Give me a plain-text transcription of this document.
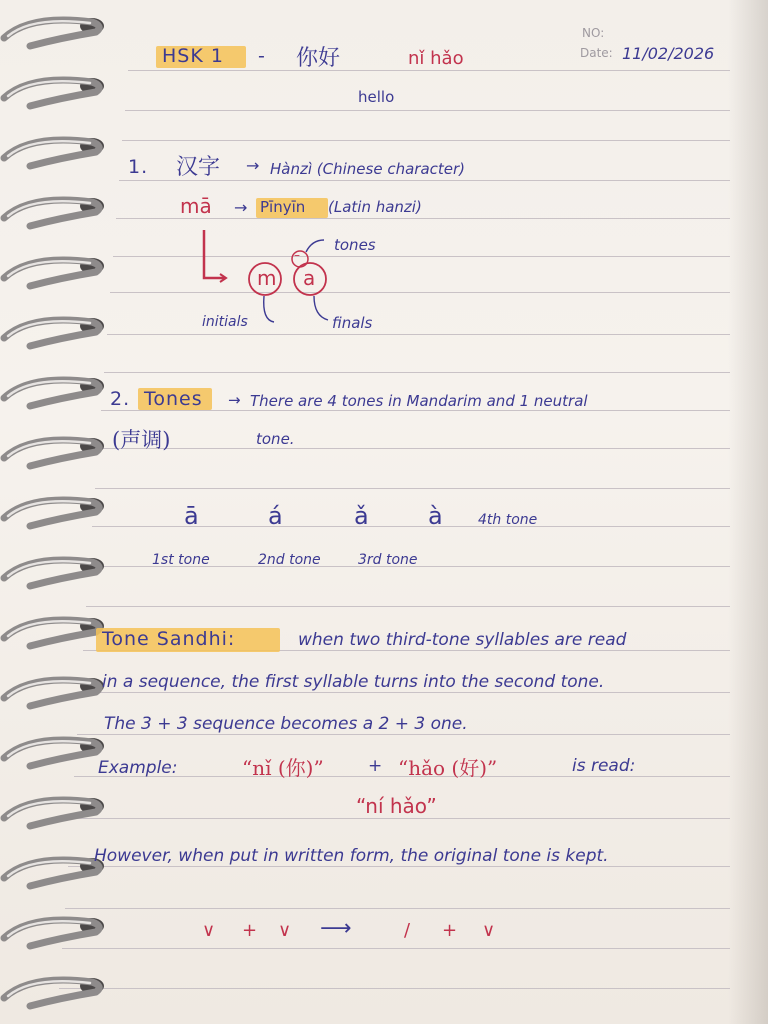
NO:
Date: 11/02/2026
HSK 1 - 你好	nǐ hǎo
hello
1. 汉字 → Hànzì (Chinese character)
mā → Pīnyīn (Latin hanzi)
m a
–
tones
initials	finals
2. Tones → There are 4 tones in Mandarim and 1 neutral
(声调)	tone.
ā	á	ǎ à	4th tone
1st tone	2nd tone	3rd tone
Tone Sandhi:	when two third-tone syllables are read
in a sequence, the first syllable turns into the second tone.
The 3 + 3 sequence becomes a 2 + 3 one.
Example:	“nǐ (你)”	+ “hǎo (好)”	is read:
“ní hǎo”
However, when put in written form, the original tone is kept.
∨ + ∨ ⟶	/ + ∨
